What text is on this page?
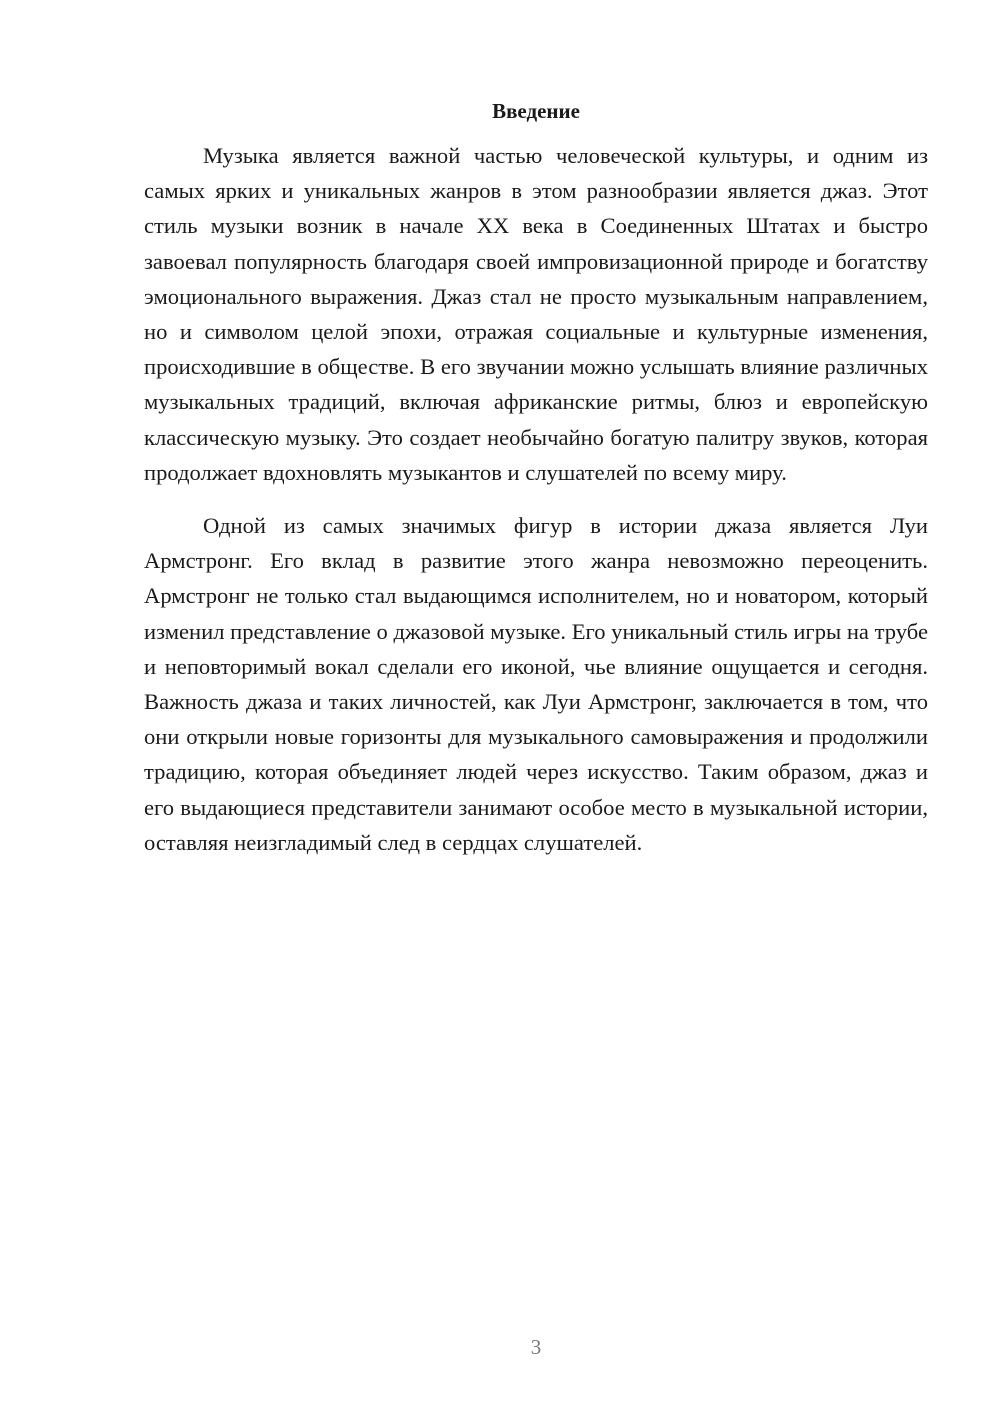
Введение

Музыка является важной частью человеческой культуры, и одним из самых ярких и уникальных жанров в этом разнообразии является джаз. Этот стиль музыки возник в начале XX века в Соединенных Штатах и быстро завоевал популярность благодаря своей импровизационной природе и богатству эмоционального выражения. Джаз стал не просто музыкальным направлением, но и символом целой эпохи, отражая социальные и культурные изменения, происходившие в обществе. В его звучании можно услышать влияние различных музыкальных традиций, включая африканские ритмы, блюз и европейскую классическую музыку. Это создает необычайно богатую палитру звуков, которая продолжает вдохновлять музыкантов и слушателей по всему миру.

Одной из самых значимых фигур в истории джаза является Луи Армстронг. Его вклад в развитие этого жанра невозможно переоценить. Армстронг не только стал выдающимся исполнителем, но и новатором, который изменил представление о джазовой музыке. Его уникальный стиль игры на трубе и неповторимый вокал сделали его иконой, чье влияние ощущается и сегодня. Важность джаза и таких личностей, как Луи Армстронг, заключается в том, что они открыли новые горизонты для музыкального самовыражения и продолжили традицию, которая объединяет людей через искусство. Таким образом, джаз и его выдающиеся представители занимают особое место в музыкальной истории, оставляя неизгладимый след в сердцах слушателей.

3
